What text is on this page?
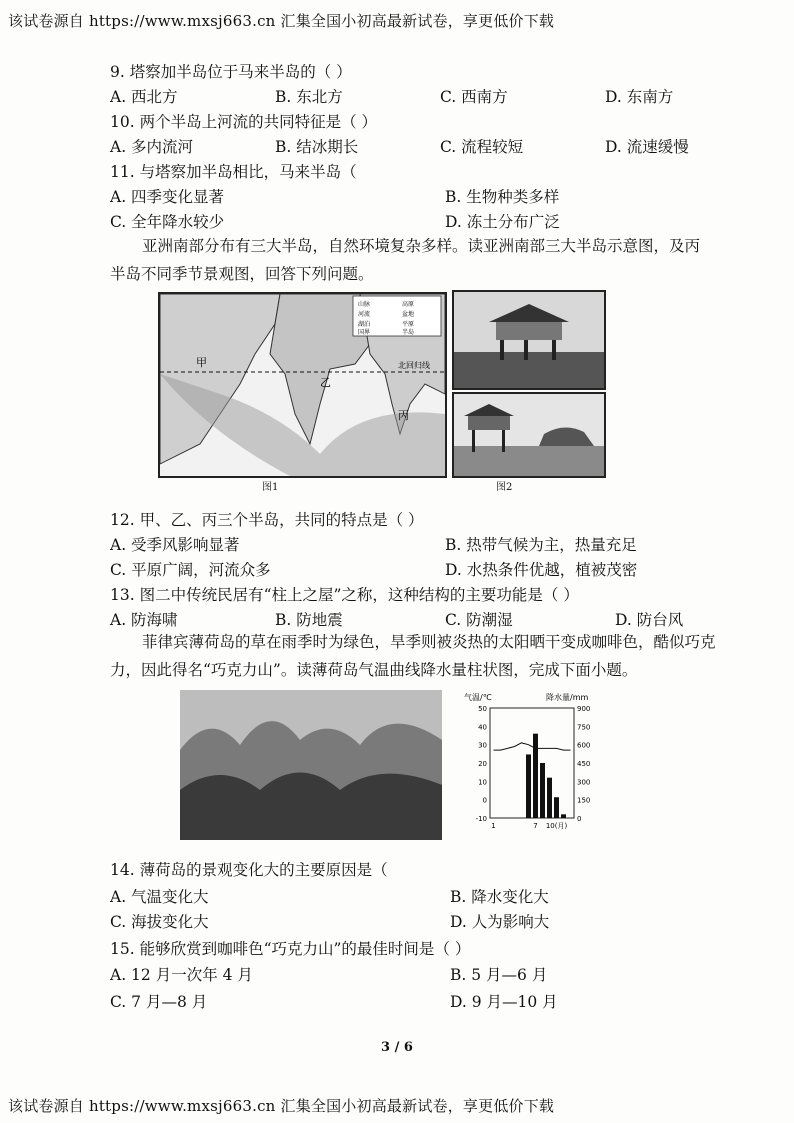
该试卷源自 https://www.mxsj663.cn 汇集全国小初高最新试卷，享更低价下载
9. 塔察加半岛位于马来半岛的（ ）
A. 西北方	B. 东北方	C. 西南方	D. 东南方
10. 两个半岛上河流的共同特征是（ ）
A. 多内流河	B. 结冰期长	C. 流程较短	D. 流速缓慢
11. 与塔察加半岛相比，马来半岛（
A. 四季变化显著	B. 生物种类多样
C. 全年降水较少	D. 冻土分布广泛
亚洲南部分布有三大半岛，自然环境复杂多样。读亚洲南部三大半岛示意图，及丙半岛不同季节景观图，回答下列问题。
甲
乙
丙
北回归线
山脉
河流
湖泊
国界
高原
盆地
平原
半岛
图1	图2
12. 甲、乙、丙三个半岛，共同的特点是（ ）
A. 受季风影响显著	B. 热带气候为主，热量充足
C. 平原广阔，河流众多	D. 水热条件优越，植被茂密
13. 图二中传统民居有“柱上之屋”之称，这种结构的主要功能是（ ）
A. 防海啸	B. 防地震	C. 防潮湿	D. 防台风
菲律宾薄荷岛的草在雨季时为绿色，旱季则被炎热的太阳晒干变成咖啡色，酷似巧克力，因此得名“巧克力山”。读薄荷岛气温曲线降水量柱状图，完成下面小题。
气温/℃	降水量/mm
50
40
30
20
10
0
-10
900
750
600
450
300
150
0
1	7 10(月)
14. 薄荷岛的景观变化大的主要原因是（
A. 气温变化大	B. 降水变化大
C. 海拔变化大	D. 人为影响大
15. 能够欣赏到咖啡色“巧克力山”的最佳时间是（ ）
A. 12 月一次年 4 月	B. 5 月—6 月
C. 7 月—8 月	D. 9 月—10 月
3 / 6
该试卷源自 https://www.mxsj663.cn 汇集全国小初高最新试卷，享更低价下载
